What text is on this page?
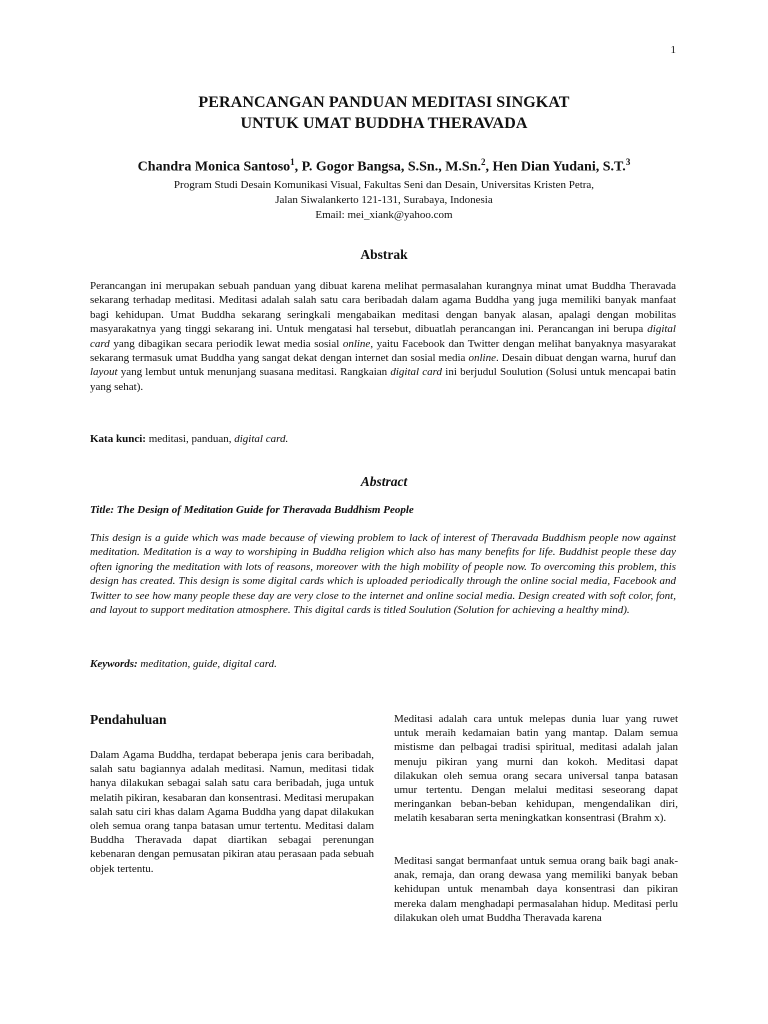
1
PERANCANGAN PANDUAN MEDITASI SINGKAT
UNTUK UMAT BUDDHA THERAVADA
Chandra Monica Santoso$^1$, P. Gogor Bangsa, S.Sn., M.Sn.$^2$, Hen Dian Yudani, S.T.$^3$
Program Studi Desain Komunikasi Visual, Fakultas Seni dan Desain, Universitas Kristen Petra,
Jalan Siwalankerto 121-131, Surabaya, Indonesia
Email: mei_xiank@yahoo.com
Abstrak
Perancangan ini merupakan sebuah panduan yang dibuat karena melihat permasalahan kurangnya minat umat Buddha Theravada sekarang terhadap meditasi. Meditasi adalah salah satu cara beribadah dalam agama Buddha yang juga memiliki banyak manfaat bagi kehidupan. Umat Buddha sekarang seringkali mengabaikan meditasi dengan banyak alasan, apalagi dengan mobilitas masyarakatnya yang tinggi sekarang ini. Untuk mengatasi hal tersebut, dibuatlah perancangan ini. Perancangan ini berupa digital card yang dibagikan secara periodik lewat media sosial online, yaitu Facebook dan Twitter dengan melihat banyaknya masyarakat sekarang termasuk umat Buddha yang sangat dekat dengan internet dan sosial media online. Desain dibuat dengan warna, huruf dan layout yang lembut untuk menunjang suasana meditasi. Rangkaian digital card ini berjudul Soulution (Solusi untuk mencapai batin yang sehat).
Kata kunci: meditasi, panduan, digital card.
Abstract
Title: The Design of Meditation Guide for Theravada Buddhism People
This design is a guide which was made because of viewing problem to lack of interest of Theravada Buddhism people now against meditation. Meditation is a way to worshiping in Buddha religion which also has many benefits for life. Buddhist people these day often ignoring the meditation with lots of reasons, moreover with the high mobility of people now. To overcoming this problem, this design has created. This design is some digital cards which is uploaded periodically through the online social media, Facebook and Twitter to see how many people these day are very close to the internet and online social media. Design created with soft color, font, and layout to support meditation atmosphere. This digital cards is titled Soulution (Solution for achieving a healthy mind).
Keywords: meditation, guide, digital card.
Pendahuluan
Dalam Agama Buddha, terdapat beberapa jenis cara beribadah, salah satu bagiannya adalah meditasi. Namun, meditasi tidak hanya dilakukan sebagai salah satu cara beribadah, juga untuk melatih pikiran, kesabaran dan konsentrasi. Meditasi merupakan salah satu ciri khas dalam Agama Buddha yang dapat dilakukan oleh semua orang tanpa batasan umur tertentu. Meditasi dalam Buddha Theravada dapat diartikan sebagai perenungan kebenaran dengan pemusatan pikiran atau perasaan pada sebuah objek tertentu.
Meditasi adalah cara untuk melepas dunia luar yang ruwet untuk meraih kedamaian batin yang mantap. Dalam semua mistisme dan pelbagai tradisi spiritual, meditasi adalah jalan menuju pikiran yang murni dan kokoh. Meditasi dapat dilakukan oleh semua orang secara universal tanpa batasan umur tertentu. Dengan melalui meditasi seseorang dapat meringankan beban-beban kehidupan, mengendalikan diri, melatih kesabaran serta meningkatkan konsentrasi (Brahm x).
Meditasi sangat bermanfaat untuk semua orang baik bagi anak-anak, remaja, dan orang dewasa yang memiliki banyak beban kehidupan untuk menambah daya konsentrasi dan pikiran mereka dalam menghadapi permasalahan hidup. Meditasi perlu dilakukan oleh umat Buddha Theravada karena
